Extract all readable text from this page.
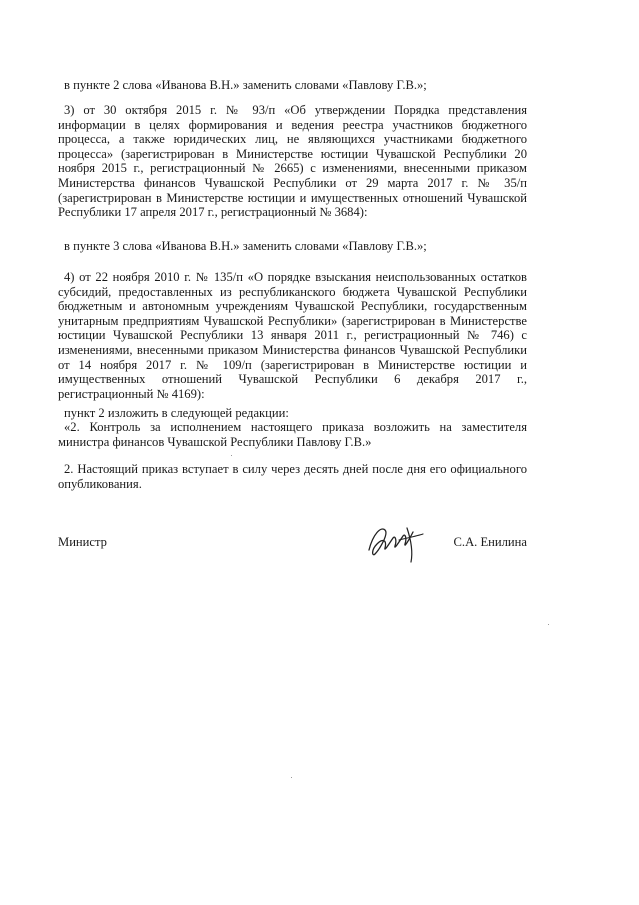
в пункте 2 слова «Иванова В.Н.» заменить словами «Павлову Г.В.»;

3) от 30 октября 2015 г. № 93/п «Об утверждении Порядка представления информации в целях формирования и ведения реестра участников бюджетного процесса, а также юридических лиц, не являющихся участниками бюджетного процесса» (зарегистрирован в Министерстве юстиции Чувашской Республики 20 ноября 2015 г., регистрационный № 2665) с изменениями, внесенными приказом Министерства финансов Чувашской Республики от 29 марта 2017 г. № 35/п (зарегистрирован в Министерстве юстиции и имущественных отношений Чувашской Республики 17 апреля 2017 г., регистрационный № 3684):

в пункте 3 слова «Иванова В.Н.» заменить словами «Павлову Г.В.»;

4) от 22 ноября 2010 г. № 135/п «О порядке взыскания неиспользованных остатков субсидий, предоставленных из республиканского бюджета Чувашской Республики бюджетным и автономным учреждениям Чувашской Республики, государственным унитарным предприятиям Чувашской Республики» (зарегистрирован в Министерстве юстиции Чувашской Республики 13 января 2011 г., регистрационный № 746) с изменениями, внесенными приказом Министерства финансов Чувашской Республики от 14 ноября 2017 г. № 109/п (зарегистрирован в Министерстве юстиции и имущественных отношений Чувашской Республики 6 декабря 2017 г., регистрационный № 4169):

пункт 2 изложить в следующей редакции:

«2. Контроль за исполнением настоящего приказа возложить на заместителя министра финансов Чувашской Республики Павлову Г.В.»

2. Настоящий приказ вступает в силу через десять дней после дня его официального опубликования.

Министр	С.А. Енилина
